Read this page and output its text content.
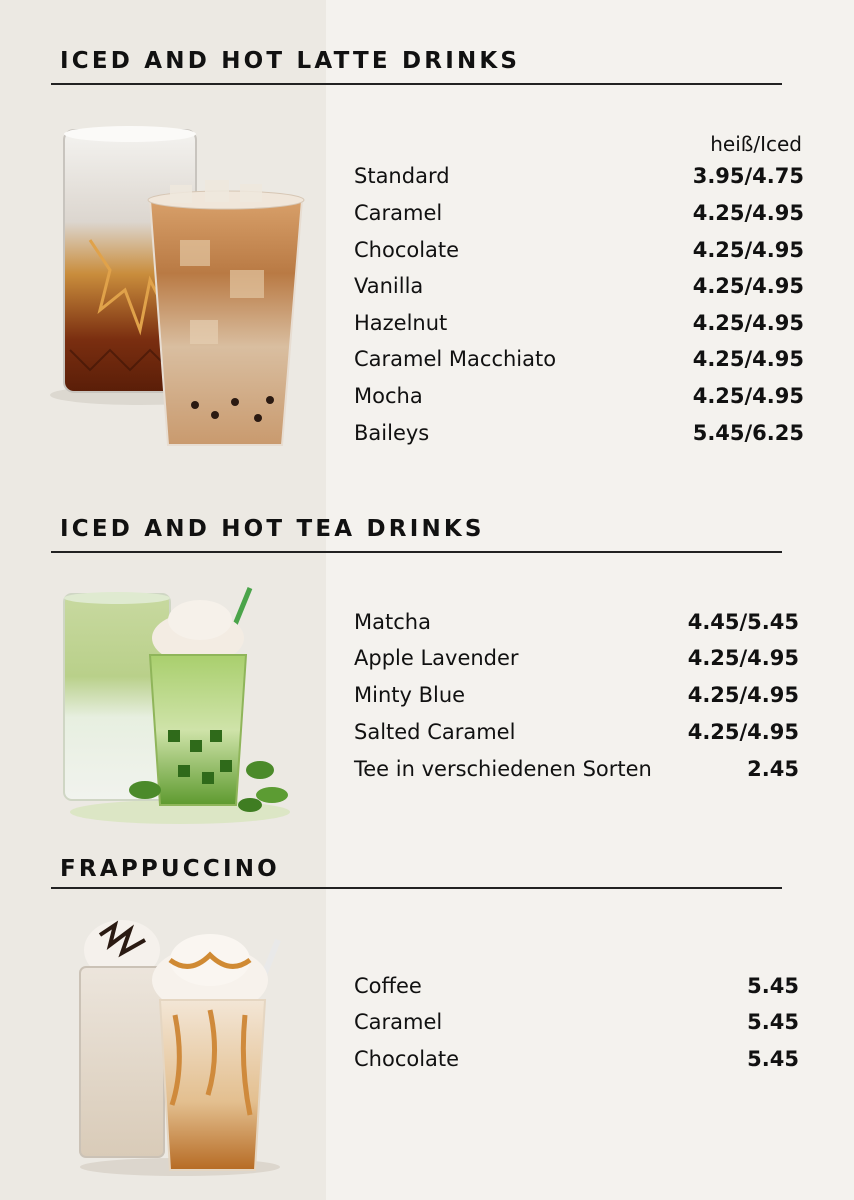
ICED AND HOT LATTE DRINKS
heiß/Iced
Standard	3.95/4.75
Caramel	4.25/4.95
Chocolate	4.25/4.95
Vanilla	4.25/4.95
Hazelnut	4.25/4.95
Caramel Macchiato	4.25/4.95
Mocha	4.25/4.95
Baileys	5.45/6.25
ICED AND HOT TEA DRINKS
Matcha	4.45/5.45
Apple Lavender	4.25/4.95
Minty Blue	4.25/4.95
Salted Caramel	4.25/4.95
Tee in verschiedenen Sorten	2.45
FRAPPUCCINO
Coffee	5.45
Caramel	5.45
Chocolate	5.45
